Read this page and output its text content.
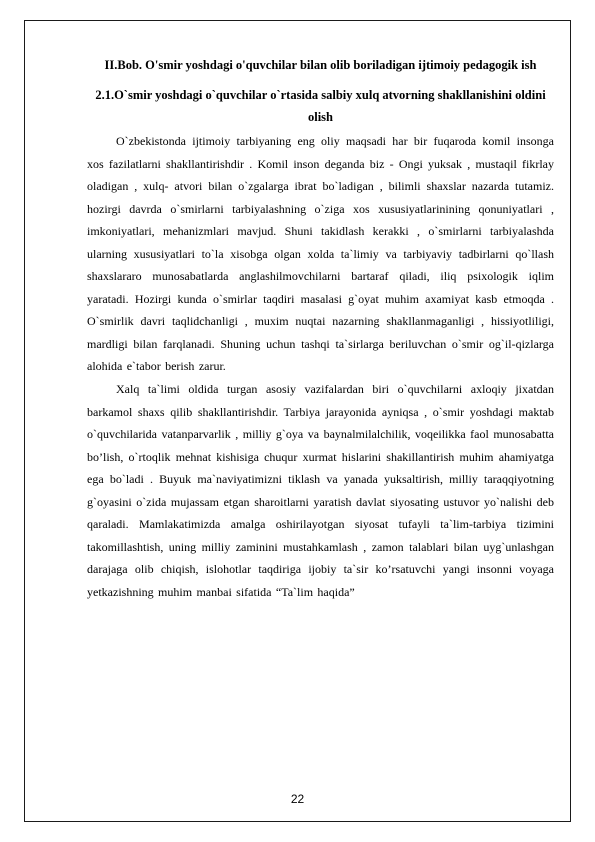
II.Bob. O'smir yoshdagi o'quvchilar bilan olib boriladigan ijtimoiy pedagogik ish
2.1.O`smir yoshdagi o`quvchilar o`rtasida salbiy xulq atvorning shakllanishini oldini olish

O`zbekistonda ijtimoiy tarbiyaning eng oliy maqsadi har bir fuqaroda komil insonga xos fazilatlarni shakllantirishdir . Komil inson deganda biz - Ongi yuksak , mustaqil fikrlay oladigan , xulq- atvori bilan o`zgalarga ibrat bo`ladigan , bilimli shaxslar nazarda tutamiz. hozirgi davrda o`smirlarni tarbiyalashning o`ziga xos xususiyatlarinining qonuniyatlari , imkoniyatlari, mehanizmlari mavjud. Shuni takidlash kerakki , o`smirlarni tarbiyalashda ularning xususiyatlari to`la xisobga olgan xolda ta`limiy va tarbiyaviy tadbirlarni qo`llash shaxslararo munosabatlarda anglashilmovchilarni bartaraf qiladi, iliq psixologik iqlim yaratadi. Hozirgi kunda o`smirlar taqdiri masalasi g`oyat muhim axamiyat kasb etmoqda . O`smirlik davri taqlidchanligi , muxim nuqtai nazarning shakllanmaganligi , hissiyotliligi, mardligi bilan farqlanadi. Shuning uchun tashqi ta`sirlarga beriluvchan o`smir og`il-qizlarga alohida e`tabor berish zarur.

Xalq ta`limi oldida turgan asosiy vazifalardan biri o`quvchilarni axloqiy jixatdan barkamol shaxs qilib shakllantirishdir. Tarbiya jarayonida ayniqsa , o`smir yoshdagi maktab o`quvchilarida vatanparvarlik , milliy g`oya va baynalmilalchilik, voqeilikka faol munosabatta bo’lish, o`rtoqlik mehnat kishisiga chuqur xurmat hislarini shakillantirish muhim ahamiyatga ega bo`ladi . Buyuk ma`naviyatimizni tiklash va yanada yuksaltirish, milliy taraqqiyotning g`oyasini o`zida mujassam etgan sharoitlarni yaratish davlat siyosating ustuvor yo`nalishi deb qaraladi. Mamlakatimizda amalga oshirilayotgan siyosat tufayli ta`lim-tarbiya tizimini takomillashtish, uning milliy zaminini mustahkamlash , zamon talablari bilan uyg`unlashgan darajaga olib chiqish, islohotlar taqdiriga ijobiy ta`sir ko’rsatuvchi yangi insonni voyaga yetkazishning muhim manbai sifatida “Ta`lim haqida”

22
